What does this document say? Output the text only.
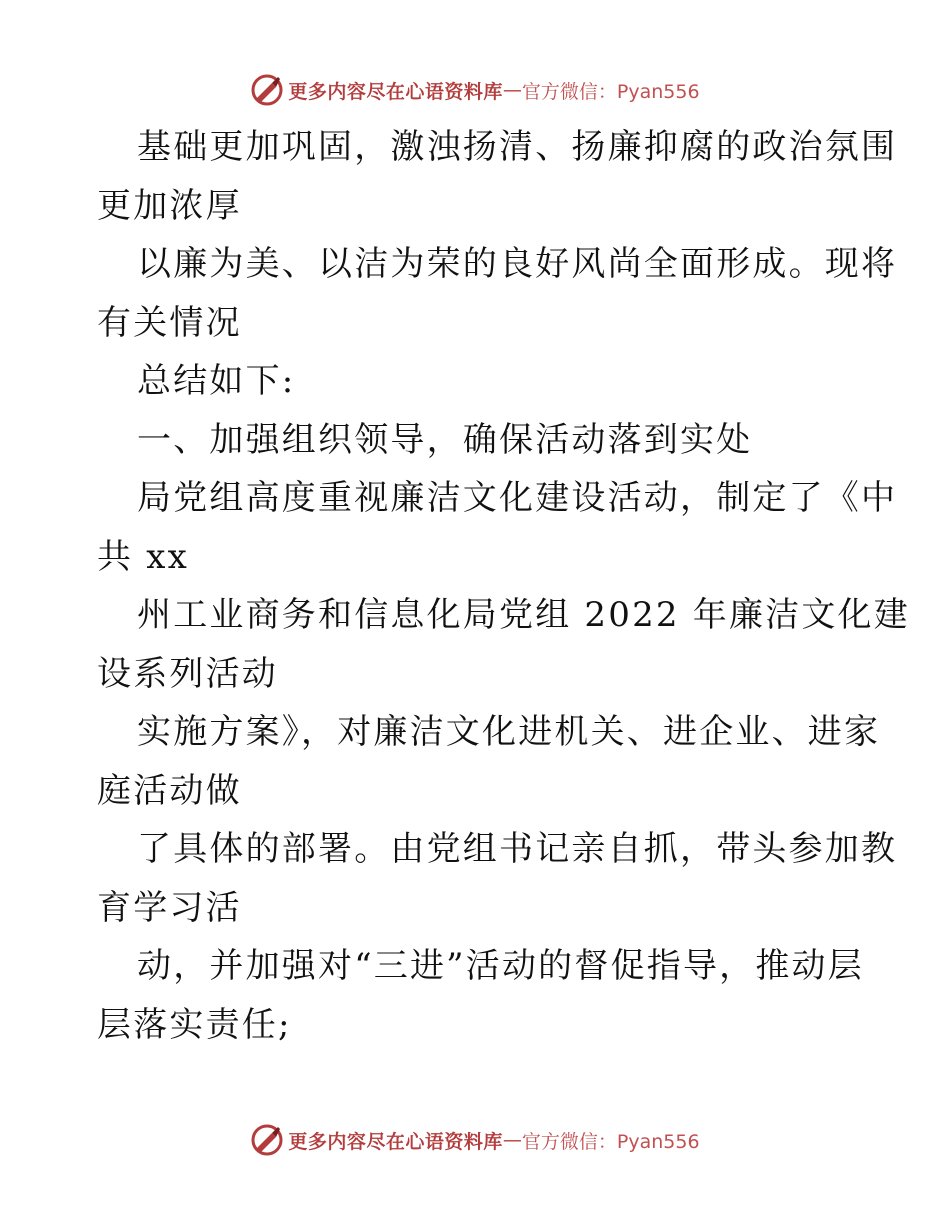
更多内容尽在心语资料库 — 官方微信：Pyan556
基础更加巩固，激浊扬清、扬廉抑腐的政治氛围
更加浓厚
以廉为美、以洁为荣的良好风尚全面形成。现将
有关情况
总结如下:
一、加强组织领导，确保活动落到实处
局党组高度重视廉洁文化建设活动，制定了《中
共 xx
州工业商务和信息化局党组 2022 年廉洁文化建
设系列活动
实施方案》，对廉洁文化进机关、进企业、进家
庭活动做
了具体的部署。由党组书记亲自抓，带头参加教
育学习活
动，并加强对“三进”活动的督促指导，推动层
层落实责任;
更多内容尽在心语资料库 — 官方微信：Pyan556
